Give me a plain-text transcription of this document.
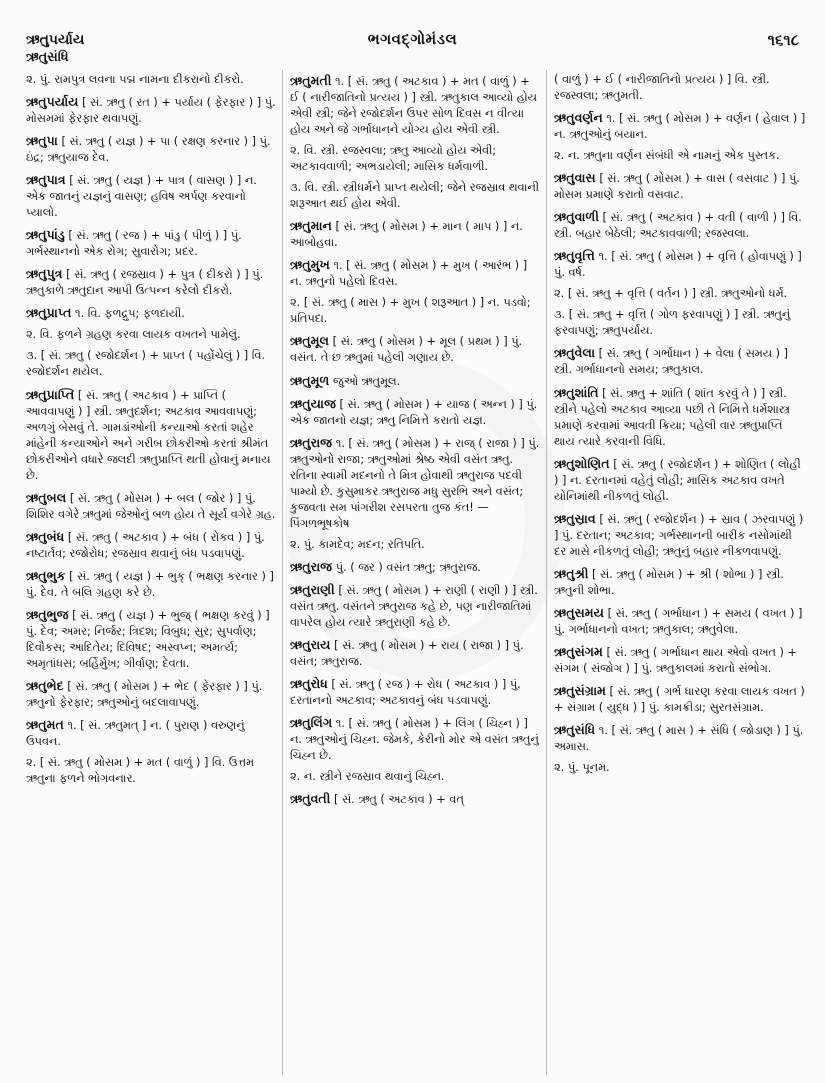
ઋતુપર્યાય
ઋતુસંધિ
ભગવદ્ગોમંડલ	૧૬૧૮

૨. પું. રામપુત્ર લવના પદ્મ નામના દીકરાનો દીકરો.

ઋતુપર્યાય [ સં. ઋતુ ( રત ) + પર્યાય ( ફેરફાર ) ] પું. મોસમમાં ફેરફાર થવાપણું.

ઋતુપા [ સં. ઋતુ ( યજ્ઞ ) + પા ( રક્ષણ કરનાર ) ] પું. ઇંદ્ર; ઋતુયાજ દેવ.

ઋતુપાત્ર [ સં. ઋતુ ( યજ્ઞ ) + પાત્ર ( વાસણ ) ] ન. એક જાતનું યજ્ઞનું વાસણ; હવિષ અર્પણ કરવાનો પ્યાલો.

ઋતુપાંડુ [ સં. ઋતુ ( રજ ) + પાંડુ ( પીળું ) ] પું. ગર્ભસ્થાનનો એક રોગ; સુવારોગ; પ્રદર.

ઋતુપુત્ર [ સં. ઋતુ ( રજસ્રાવ ) + પુત્ર ( દીકરો ) ] પું. ઋતુકાળે ઋતુદાન આપી ઉત્પન્ન કરેલો દીકરો.

ઋતુપ્રાપ્ત ૧. વિ. ફળદ્રુપ; ફળદાયી.

૨. વિ. ફળને ગ્રહણ કરવા લાયક વખતને પામેલું.

૩. [ સં. ઋતુ ( રજોદર્શન ) + પ્રાપ્ત ( પહોંચેલું ) ] વિ. રજોદર્શન થયેલ.

ઋતુપ્રાપ્તિ [ સં. ઋતુ ( અટકાવ ) + પ્રાપ્તિ ( આવવાપણું ) ] સ્ત્રી. ઋતુદર્શન; અટકાવ આવવાપણું; અળગું બેસવું તે. ગામડાંઓની કન્યાઓ કરતાં શહેર માંહેની કન્યાઓને અને ગરીબ છોકરીઓ કરતાં શ્રીમંત છોકરીઓને વધારે જલદી ઋતુપ્રાપ્તિ થતી હોવાનું મનાય છે.

ઋતુબલ [ સં. ઋતુ ( મોસમ ) + બલ ( જોર ) ] પું. શિશિર વગેરે ઋતુમાં જેઓનું બળ હોય તે સૂર્ય વગેરે ગ્રહ.

ઋતુબંધ [ સં. ઋતુ ( અટકાવ ) + બંધ ( રોકવ ) ] પું. નષ્ટાર્તવ; રજોરોધ; રજસ્રાવ થવાનું બંધ પડવાપણું.

ઋતુભુક [ સં. ઋતુ ( યજ્ઞ ) + ભુક્ ( ભક્ષણ કરનાર ) ] પું. દેવ. તે બલિ ગ્રહણ કરે છે.

ઋતુભુજ [ સં. ઋતુ ( યજ્ઞ ) + ભુજ્ ( ભક્ષણ કરવું ) ] પું. દેવ; અમર; નિર્જર; ત્રિદશ; વિબુધ; સુર; સુપર્વાણ; દિવૌકસ; આદિતેય; દિવિષદ; અસ્વપ્ન; અમર્ત્ય; અમૃતાંધસ; બર્હિર્મુખ; ગીર્વાણ; દેવતા.

ઋતુભેદ [ સં. ઋતુ ( મોસમ ) + ભેદ ( ફેરફાર ) ] પું. ઋતુનો ફેરફાર; ઋતુઓનું બદલાવાપણું.

ઋતુમત ૧. [ સં. ઋતુમત્ ] ન. ( પુરાણ ) વરુણનું ઉપવન.

૨. [ સં. ઋતુ ( મોસમ ) + મત ( વાળું ) ] વિ. ઉત્તમ ઋતુના ફળને ભોગવનાર.

ઋતુમતી ૧. [ સં. ઋતુ ( અટકાવ ) + મત ( વાળું ) + ઈ ( નારીજાતિનો પ્રત્યય ) ] સ્ત્રી. ઋતુકાલ આવ્યો હોય એવી સ્ત્રી; જેને રજોદર્શન ઉપર સોળ દિવસ ન વીત્યા હોય અને જે ગર્ભાધાનને યોગ્ય હોય એવી સ્ત્રી.

૨. વિ. સ્ત્રી. રજસ્વલા; ઋતુ આવ્યો હોય એવી; અટકાવવાળી; અભડાયેલી; માસિક ધર્મવાળી.

૩. વિ. સ્ત્રી. સ્ત્રીધર્મને પ્રાપ્ત થયેલી; જેને રજસ્રાવ થવાની શરૂઆત થઈ હોય એવી.

ઋતુમાન [ સં. ઋતુ ( મોસમ ) + માન ( માપ ) ] ન. આબોહવા.

ઋતુમુખ ૧. [ સં. ઋતુ ( મોસમ ) + મુખ ( આરંભ ) ] ન. ઋતુનો પહેલો દિવસ.

૨. [ સં. ઋતુ ( માસ ) + મુખ ( શરૂઆત ) ] ન. પડવો; પ્રતિપદા.

ઋતુમૂલ [ સં. ઋતુ ( મોસમ ) + મૂલ ( પ્રથમ ) ] પું. વસંત. તે છ ઋતુમાં પહેલી ગણાય છે.

ઋતુમૂળ જુઓ ઋતુમૂલ.

ઋતુયાજ [ સં. ઋતુ ( મોસમ ) + યાજ ( અન્ન ) ] પું. એક જાતનો યજ્ઞ; ઋતુ નિમિત્તે કરાતો યજ્ઞ.

ઋતુરાજ ૧. [ સં. ઋતુ ( મોસમ ) + રાજ્ ( રાજા ) ] પું. ઋતુઓનો રાજા; ઋતુઓમાં શ્રેષ્ઠ એવી વસંત ઋતુ. રતિના સ્વામી મદનનો તે મિત્ર હોવાથી ઋતુરાજ પદવી પામ્યો છે. કુસુમાકર ઋતુરાજ મધુ સુરભિ અને વસંત; કુજવતા સમ પાંગરીશ રસપરતા તુજ કંત! —પિંગળભૂષકોષ

૨. પું. કામદેવ; મદન; રતિપતિ.

ઋતુરાજ પું. ( જર ) વસંત ઋતુ; ઋતુરાજ.

ઋતુરાણી [ સં. ઋતુ ( મોસમ ) + રાણી ( રાણી ) ] સ્ત્રી. વસંત ઋતુ. વસંતને ઋતુરાજ કહે છે, પણ નારીજાતિમાં વાપરેલ હોય ત્યારે ઋતુરાણી કહે છે.

ઋતુરાય [ સં. ઋતુ ( મોસમ ) + રાય ( રાજા ) ] પું. વસંત; ઋતુરાજ.

ઋતુરોધ [ સં. ઋતુ ( રજ ) + રોધ ( અટકાવ ) ] પું. દરતાનનો અટકાવ; અટકાવનું બંધ પડવાપણું.

ઋતુલિંગ ૧. [ સં. ઋતુ ( મોસમ ) + લિંગ ( ચિહ્ન ) ] ન. ઋતુઓનું ચિહ્ન. જેમકે, કેરીનો મોર એ વસંત ઋતુનું ચિહ્ન છે.

૨. ન. સ્ત્રીને રજસ્રાવ થવાનું ચિહ્ન.

ઋતુવતી [ સં. ઋતુ ( અટકાવ ) + વત્

( વાળું ) + ઈ ( નારીજાતિનો પ્રત્યય ) ] વિ. સ્ત્રી. રજસ્વલા; ઋતુમતી.

ઋતુવર્ણન ૧. [ સં. ઋતુ ( મોસમ ) + વર્ણન ( હેવાલ ) ] ન. ઋતુઓનું બયાન.

૨. ન. ઋતુના વર્ણન સંબંધી એ નામનું એક પુસ્તક.

ઋતુવાસ [ સં. ઋતુ ( મોસમ ) + વાસ ( વસવાટ ) ] પું. મોસમ પ્રમાણે કરાતો વસવાટ.

ઋતુવાળી [ સં. ઋતુ ( અટકાવ ) + વતી ( વાળી ) ] વિ. સ્ત્રી. બહાર બેઠેલી; અટકાવવાળી; રજસ્વલા.

ઋતુવૃત્તિ ૧. [ સં. ઋતુ ( મોસમ ) + વૃત્તિ ( હોવાપણું ) ] પું. વર્ષ.

૨. [ સં. ઋતુ + વૃત્તિ ( વર્તન ) ] સ્ત્રી. ઋતુઓનો ધર્મ.

૩. [ સં. ઋતુ + વૃત્તિ ( ગોળ ફરવાપણું ) ] સ્ત્રી. ઋતુનું ફરવાપણું; ઋતુપર્યાય.

ઋતુવેલા [ સં. ઋતુ ( ગર્ભાધાન ) + વેલા ( સમય ) ] સ્ત્રી. ગર્ભાધાનનો સમય; ઋતુકાલ.

ઋતુશાંતિ [ સં. ઋતુ + શાંતિ ( શાંત કરવું તે ) ] સ્ત્રી. સ્ત્રીને પહેલો અટકાવ આવ્યા પછી તે નિમિત્તે ધર્મશાસ્ત્ર પ્રમાણે કરવામાં આવતી ક્રિયા; પહેલી વાર ઋતુપ્રાપ્તિ થાય ત્યારે કરવાની વિધિ.

ઋતુશોણિત [ સં. ઋતુ ( રજોદર્શન ) + શોણિત ( લોહી ) ] ન. દરતાનમાં વહેતું લોહી; માસિક અટકાવ વખતે યોનિમાંથી નીકળતું લોહી.

ઋતુસ્રાવ [ સં. ઋતુ ( રજોદર્શન ) + સ્રાવ ( ઝરવાપણું ) ] પું. દરતાન; અટકાવ; ગર્ભસ્થાનની બારીક નસોમાંથી દર માસે નીકળતું લોહી; ઋતુનું બહાર નીકળવાપણું.

ઋતુશ્રી [ સં. ઋતુ ( મોસમ ) + શ્રી ( શોભા ) ] સ્ત્રી. ઋતુની શોભા.

ઋતુસમય [ સં. ઋતુ ( ગર્ભાધાન ) + સમય ( વખત ) ] પું. ગર્ભાધાનનો વખત; ઋતુકાલ; ઋતુવેલા.

ઋતુસંગમ [ સં. ઋતુ ( ગર્ભાધાન થાય એવો વખત ) + સંગમ ( સંજોગ ) ] પું. ઋતુકાલમાં કરાતો સંભોગ.

ઋતુસંગ્રામ [ સં. ઋતુ ( ગર્ભ ધારણ કરવા લાયક વખત ) + સંગ્રામ ( યુદ્ધ ) ] પું. કામક્રીડા; સુરતસંગ્રામ.

ઋતુસંધિ ૧. [ સં. ઋતુ ( માસ ) + સંધિ ( જોડાણ ) ] પું. અમાસ.

૨. પું. પૂનમ.
